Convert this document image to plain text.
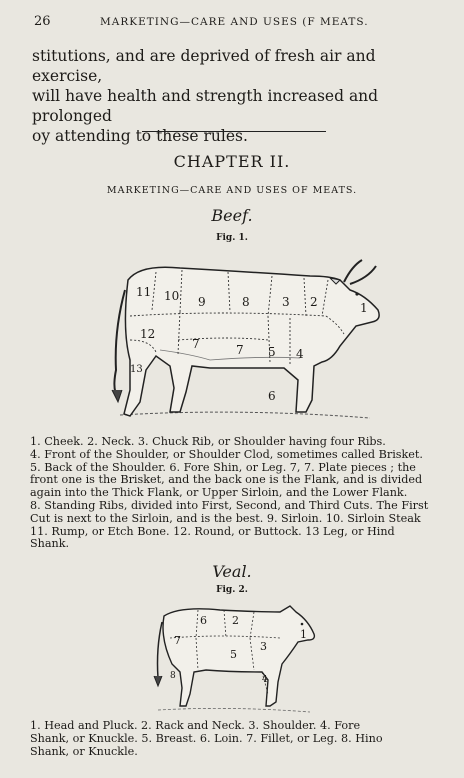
26	MARKETING—CARE AND USES (F MEATS.
stitutions, and are deprived of fresh air and exercise,
will have health and strength increased and prolonged
oy attending to these rules.
CHAPTER II.
MARKETING—CARE AND USES OF MEATS.
Beef.
Fig. 1.
1
2
3
4
5
6
7	7
8
9
10
11
12
13
1. Cheek. 2. Neck. 3. Chuck Rib, or Shoulder having four Ribs.
4. Front of the Shoulder, or Shoulder Clod, sometimes called Brisket.
5. Back of the Shoulder. 6. Fore Shin, or Leg. 7, 7. Plate pieces ; the
front one is the Brisket, and the back one is the Flank, and is divided
again into the Thick Flank, or Upper Sirloin, and the Lower Flank.
8. Standing Ribs, divided into First, Second, and Third Cuts. The First
Cut is next to the Sirloin, and is the best. 9. Sirloin. 10. Sirloin Steak
11. Rump, or Etch Bone. 12. Round, or Buttock. 13 Leg, or Hind
Shank.
Veal.
Fig. 2.
1
2
3
4
5
6
7
8
1. Head and Pluck. 2. Rack and Neck. 3. Shoulder. 4. Fore
Shank, or Knuckle. 5. Breast. 6. Loin. 7. Fillet, or Leg. 8. Hino
Shank, or Knuckle.
